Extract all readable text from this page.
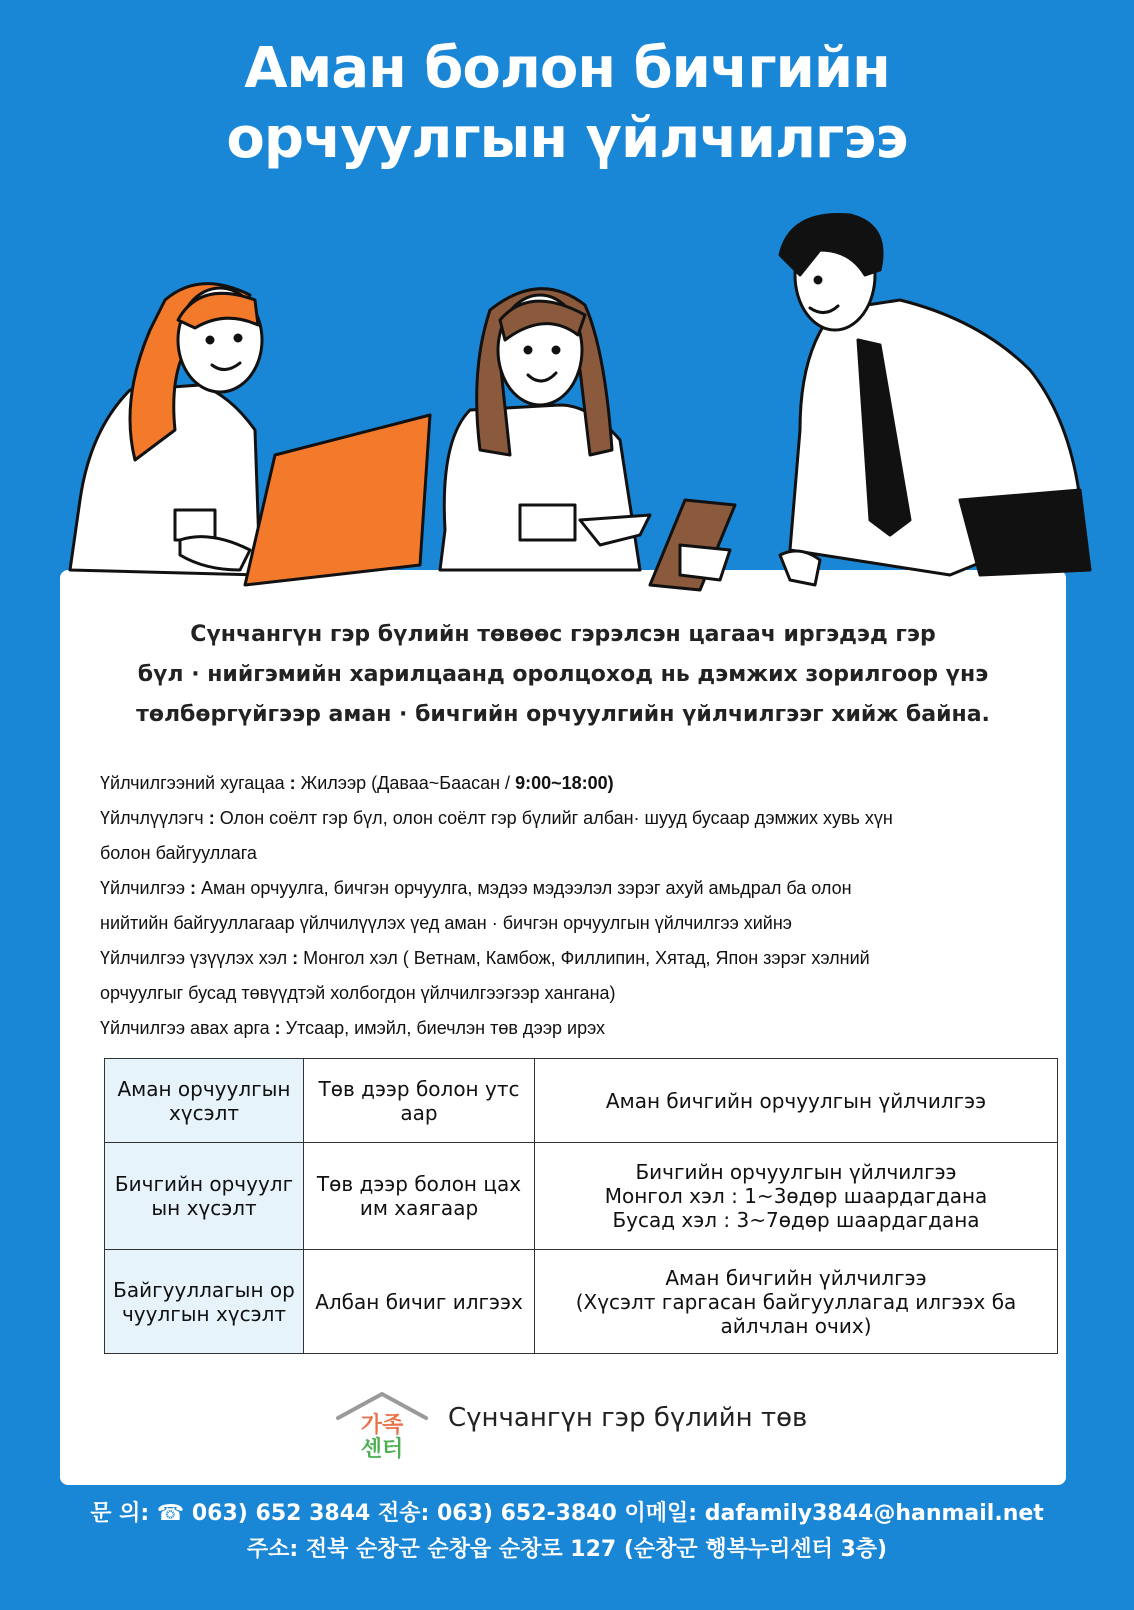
Аман болон бичгийн
орчуулгын үйлчилгээ
Сүнчангүн гэр бүлийн төвөөс гэрэлсэн цагаач иргэдэд гэр
бүл · нийгэмийн харилцаанд оролцоход нь дэмжих зорилгоор үнэ
төлбөргүйгээр аман · бичгийн орчуулгийн үйлчилгээг хийж байна.

Үйлчилгээний хугацаа : Жилээр (Даваа~Баасан / 9:00~18:00)

Үйлчлүүлэгч : Олон соёлт гэр бүл, олон соёлт гэр бүлийг албан· шууд бусаар дэмжих хувь хүн

болон байгууллага

Үйлчилгээ : Аман орчуулга, бичгэн орчуулга, мэдээ мэдээлэл зэрэг ахуй амьдрал ба олон

нийтийн байгууллагаар үйлчилүүлэх үед аман · бичгэн орчуулгын үйлчилгээ хийнэ

Үйлчилгээ үзүүлэх хэл : Монгол хэл ( Ветнам, Камбож, Филлипин, Хятад, Япон зэрэг хэлний

орчуулгыг бусад төвүүдтэй холбогдон үйлчилгээгээр хангана)

Үйлчилгээ авах арга : Утсаар, имэйл, биечлэн төв дээр ирэх

Аман орчуулгын хүсэлт	Төв дээр болон утс аар	Аман бичгийн орчуулгын үйлчилгээ

Бичгийн орчуулг ын хүсэлт	Төв дээр болон цах им хаягаар	Бичгийн орчуулгын үйлчилгээ
Монгол хэл : 1~3өдөр шаардагдана
Бусад хэл : 3~7өдөр шаардагдана

Байгууллагын ор чуулгын хүсэлт	Албан бичиг илгээх	Аман бичгийн үйлчилгээ
(Хүсэлт гаргасан байгууллагад илгээх ба
айлчлан очих)
가족
센터
Сүнчангүн гэр бүлийн төв
문 의: ☎ 063) 652 3844 전송: 063) 652-3840 이메일: dafamily3844@hanmail.net
주소: 전북 순창군 순창읍 순창로 127 (순창군 행복누리센터 3층)
